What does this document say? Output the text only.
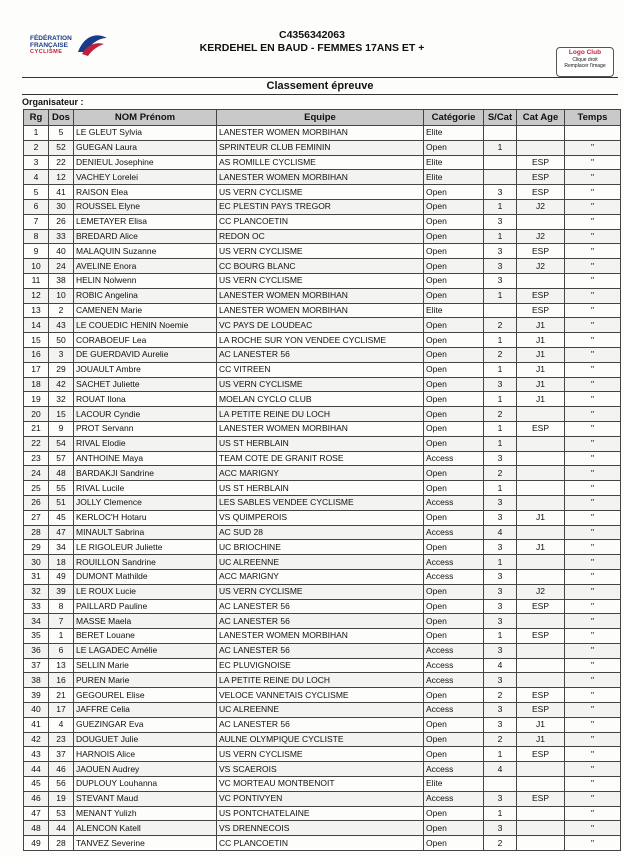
FÉDÉRATION
FRANÇAISE
CYCLISME
C4356342063
KERDEHEL EN BAUD - FEMMES 17ANS ET +	Logo Club
Clique droit
Remplacer l'image
Classement épreuve
Organisateur :
Rg	Dos	NOM Prénom	Equipe	Catégorie	S/Cat	Cat Age	Temps
1	5	LE GLEUT Sylvia	LANESTER WOMEN MORBIHAN	Elite			
2	52	GUEGAN Laura	SPRINTEUR CLUB FEMININ	Open	1		"
3	22	DENIEUL Josephine	AS ROMILLE CYCLISME	Elite		ESP	"
4	12	VACHEY Lorelei	LANESTER WOMEN MORBIHAN	Elite		ESP	"
5	41	RAISON Elea	US VERN CYCLISME	Open	3	ESP	"
6	30	ROUSSEL Elyne	EC PLESTIN PAYS TREGOR	Open	1	J2	"
7	26	LEMETAYER Elisa	CC PLANCOETIN	Open	3		"
8	33	BREDARD Alice	REDON OC	Open	1	J2	"
9	40	MALAQUIN Suzanne	US VERN CYCLISME	Open	3	ESP	"
10	24	AVELINE Enora	CC BOURG BLANC	Open	3	J2	"
11	38	HELIN Nolwenn	US VERN CYCLISME	Open	3		"
12	10	ROBIC Angelina	LANESTER WOMEN MORBIHAN	Open	1	ESP	"
13	2	CAMENEN Marie	LANESTER WOMEN MORBIHAN	Elite		ESP	"
14	43	LE COUEDIC HENIN Noemie	VC PAYS DE LOUDEAC	Open	2	J1	"
15	50	CORABOEUF Lea	LA ROCHE SUR YON VENDEE CYCLISME	Open	1	J1	"
16	3	DE GUERDAVID Aurelie	AC LANESTER 56	Open	2	J1	"
17	29	JOUAULT Ambre	CC VITREEN	Open	1	J1	"
18	42	SACHET Juliette	US VERN CYCLISME	Open	3	J1	"
19	32	ROUAT Ilona	MOELAN CYCLO CLUB	Open	1	J1	"
20	15	LACOUR Cyndie	LA PETITE REINE DU LOCH	Open	2		"
21	9	PROT Servann	LANESTER WOMEN MORBIHAN	Open	1	ESP	"
22	54	RIVAL Elodie	US ST HERBLAIN	Open	1		"
23	57	ANTHOINE Maya	TEAM COTE DE GRANIT ROSE	Access	3		"
24	48	BARDAKJI Sandrine	ACC MARIGNY	Open	2		"
25	55	RIVAL Lucile	US ST HERBLAIN	Open	1		"
26	51	JOLLY Clemence	LES SABLES VENDEE CYCLISME	Access	3		"
27	45	KERLOC'H Hotaru	VS QUIMPEROIS	Open	3	J1	"
28	47	MINAULT Sabrina	AC SUD 28	Access	4		"
29	34	LE RIGOLEUR Juliette	UC BRIOCHINE	Open	3	J1	"
30	18	ROUILLON Sandrine	UC ALREENNE	Access	1		"
31	49	DUMONT Mathilde	ACC MARIGNY	Access	3		"
32	39	LE ROUX Lucie	US VERN CYCLISME	Open	3	J2	"
33	8	PAILLARD Pauline	AC LANESTER 56	Open	3	ESP	"
34	7	MASSE Maela	AC LANESTER 56	Open	3		"
35	1	BERET Louane	LANESTER WOMEN MORBIHAN	Open	1	ESP	"
36	6	LE LAGADEC Amélie	AC LANESTER 56	Access	3		"
37	13	SELLIN Marie	EC PLUVIGNOISE	Access	4		"
38	16	PUREN Marie	LA PETITE REINE DU LOCH	Access	3		"
39	21	GEGOUREL Elise	VELOCE VANNETAIS CYCLISME	Open	2	ESP	"
40	17	JAFFRE Celia	UC ALREENNE	Access	3	ESP	"
41	4	GUEZINGAR Eva	AC LANESTER 56	Open	3	J1	"
42	23	DOUGUET Julie	AULNE OLYMPIQUE CYCLISTE	Open	2	J1	"
43	37	HARNOIS Alice	US VERN CYCLISME	Open	1	ESP	"
44	46	JAOUEN Audrey	VS SCAEROIS	Access	4		"
45	56	DUPLOUY Louhanna	VC MORTEAU MONTBENOIT	Elite			"
46	19	STEVANT Maud	VC PONTIVYEN	Access	3	ESP	"
47	53	MENANT Yulizh	US PONTCHATELAINE	Open	1		"
48	44	ALENCON Katell	VS DRENNECOIS	Open	3		"
49	28	TANVEZ Severine	CC PLANCOETIN	Open	2		"
